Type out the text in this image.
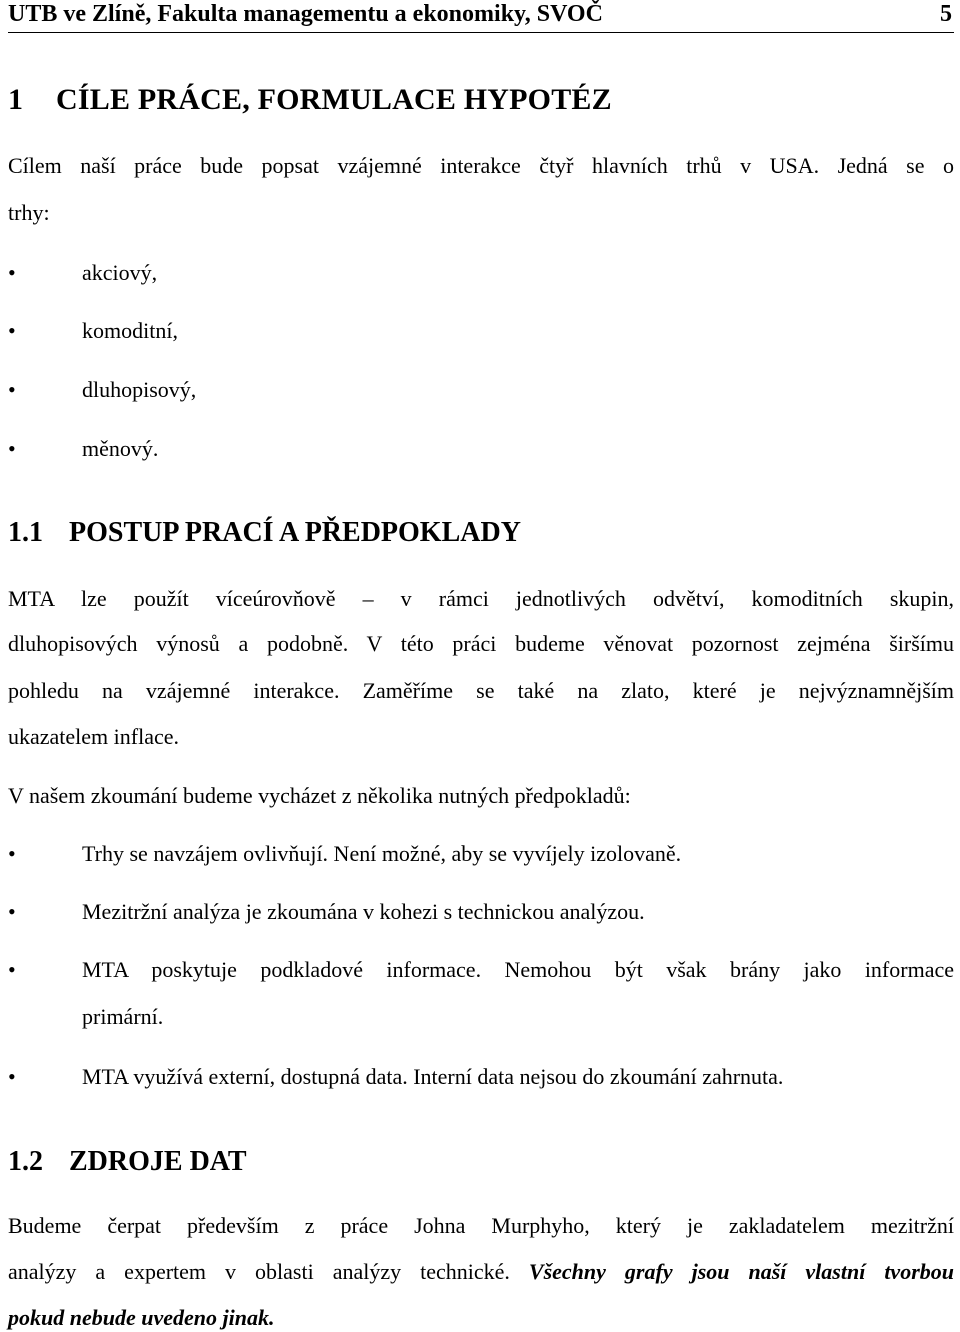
UTB ve Zlíně, Fakulta managementu a ekonomiky, SVOČ	5
1 CÍLE PRÁCE, FORMULACE HYPOTÉZ
Cílem naší práce bude popsat vzájemné interakce čtyř hlavních trhů v USA. Jedná se o
trhy:
•	akciový,
•	komoditní,
•	dluhopisový,
•	měnový.
1.1 POSTUP PRACÍ A PŘEDPOKLADY
MTA lze použít víceúrovňově – v rámci jednotlivých odvětví, komoditních skupin,
dluhopisových výnosů a podobně. V této práci budeme věnovat pozornost zejména širšímu
pohledu na vzájemné interakce. Zaměříme se také na zlato, které je nejvýznamnějším
ukazatelem inflace.
V našem zkoumání budeme vycházet z několika nutných předpokladů:
•	Trhy se navzájem ovlivňují. Není možné, aby se vyvíjely izolovaně.
•	Mezitržní analýza je zkoumána v kohezi s technickou analýzou.
•	MTA poskytuje podkladové informace. Nemohou být však brány jako informace
primární.
•	MTA využívá externí, dostupná data. Interní data nejsou do zkoumání zahrnuta.
1.2 ZDROJE DAT
Budeme čerpat především z práce Johna Murphyho, který je zakladatelem mezitržní
analýzy a expertem v oblasti analýzy technické. Všechny grafy jsou naší vlastní tvorbou
pokud nebude uvedeno jinak.
